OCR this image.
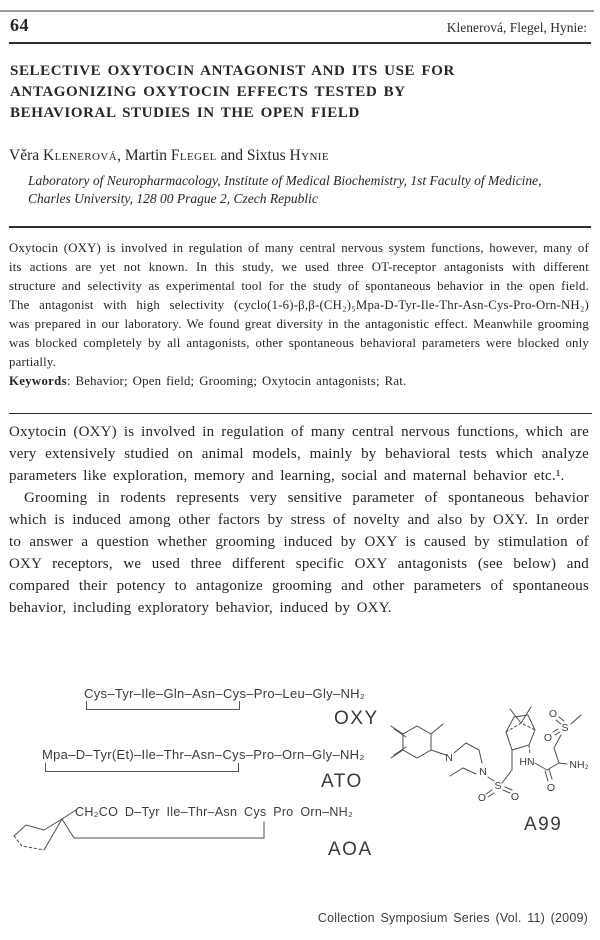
64	Klenerová, Flegel, Hynie:
SELECTIVE OXYTOCIN ANTAGONIST AND ITS USE FOR ANTAGONIZING OXYTOCIN EFFECTS TESTED BY BEHAVIORAL STUDIES IN THE OPEN FIELD
Věra Klenerová, Martin Flegel and Sixtus Hynie
Laboratory of Neuropharmacology, Institute of Medical Biochemistry, 1st Faculty of Medicine, Charles University, 128 00 Prague 2, Czech Republic
Oxytocin (OXY) is involved in regulation of many central nervous system functions, however, many of its actions are yet not known. In this study, we used three OT-receptor antagonists with different structure and selectivity as experimental tool for the study of spontaneous behavior in the open field. The antagonist with high selectivity (cyclo(1-6)-β,β-(CH₂)₅Mpa-D-Tyr-Ile-Thr-Asn-Cys-Pro-Orn-NH₂) was prepared in our laboratory. We found great diversity in the antagonistic effect. Meanwhile grooming was blocked completely by all antagonists, other spontaneous behavioral parameters were blocked only partially.
Keywords: Behavior; Open field; Grooming; Oxytocin antagonists; Rat.
Oxytocin (OXY) is involved in regulation of many central nervous functions, which are very extensively studied on animal models, mainly by behavioral tests which analyze parameters like exploration, memory and learning, social and maternal behavior etc.¹.
Grooming in rodents represents very sensitive parameter of spontaneous behavior which is induced among other factors by stress of novelty and also by OXY. In order to answer a question whether grooming induced by OXY is caused by stimulation of OXY receptors, we used three different specific OXY antagonists (see below) and compared their potency to antagonize grooming and other parameters of spontaneous behavior, including exploratory behavior, induced by OXY.
Cys–Tyr–Ile–Gln–Asn–Cys–Pro–Leu–Gly–NH₂
OXY
Mpa–D–Tyr(Et)–Ile–Thr–Asn–Cys–Pro–Orn–Gly–NH₂
ATO
CH₂CO D–Tyr Ile–Thr–Asn Cys Pro Orn–NH₂
AOA
N
N
S
O O
HN
O
NH₂
S
O
O
A99
Collection Symposium Series (Vol. 11) (2009)
